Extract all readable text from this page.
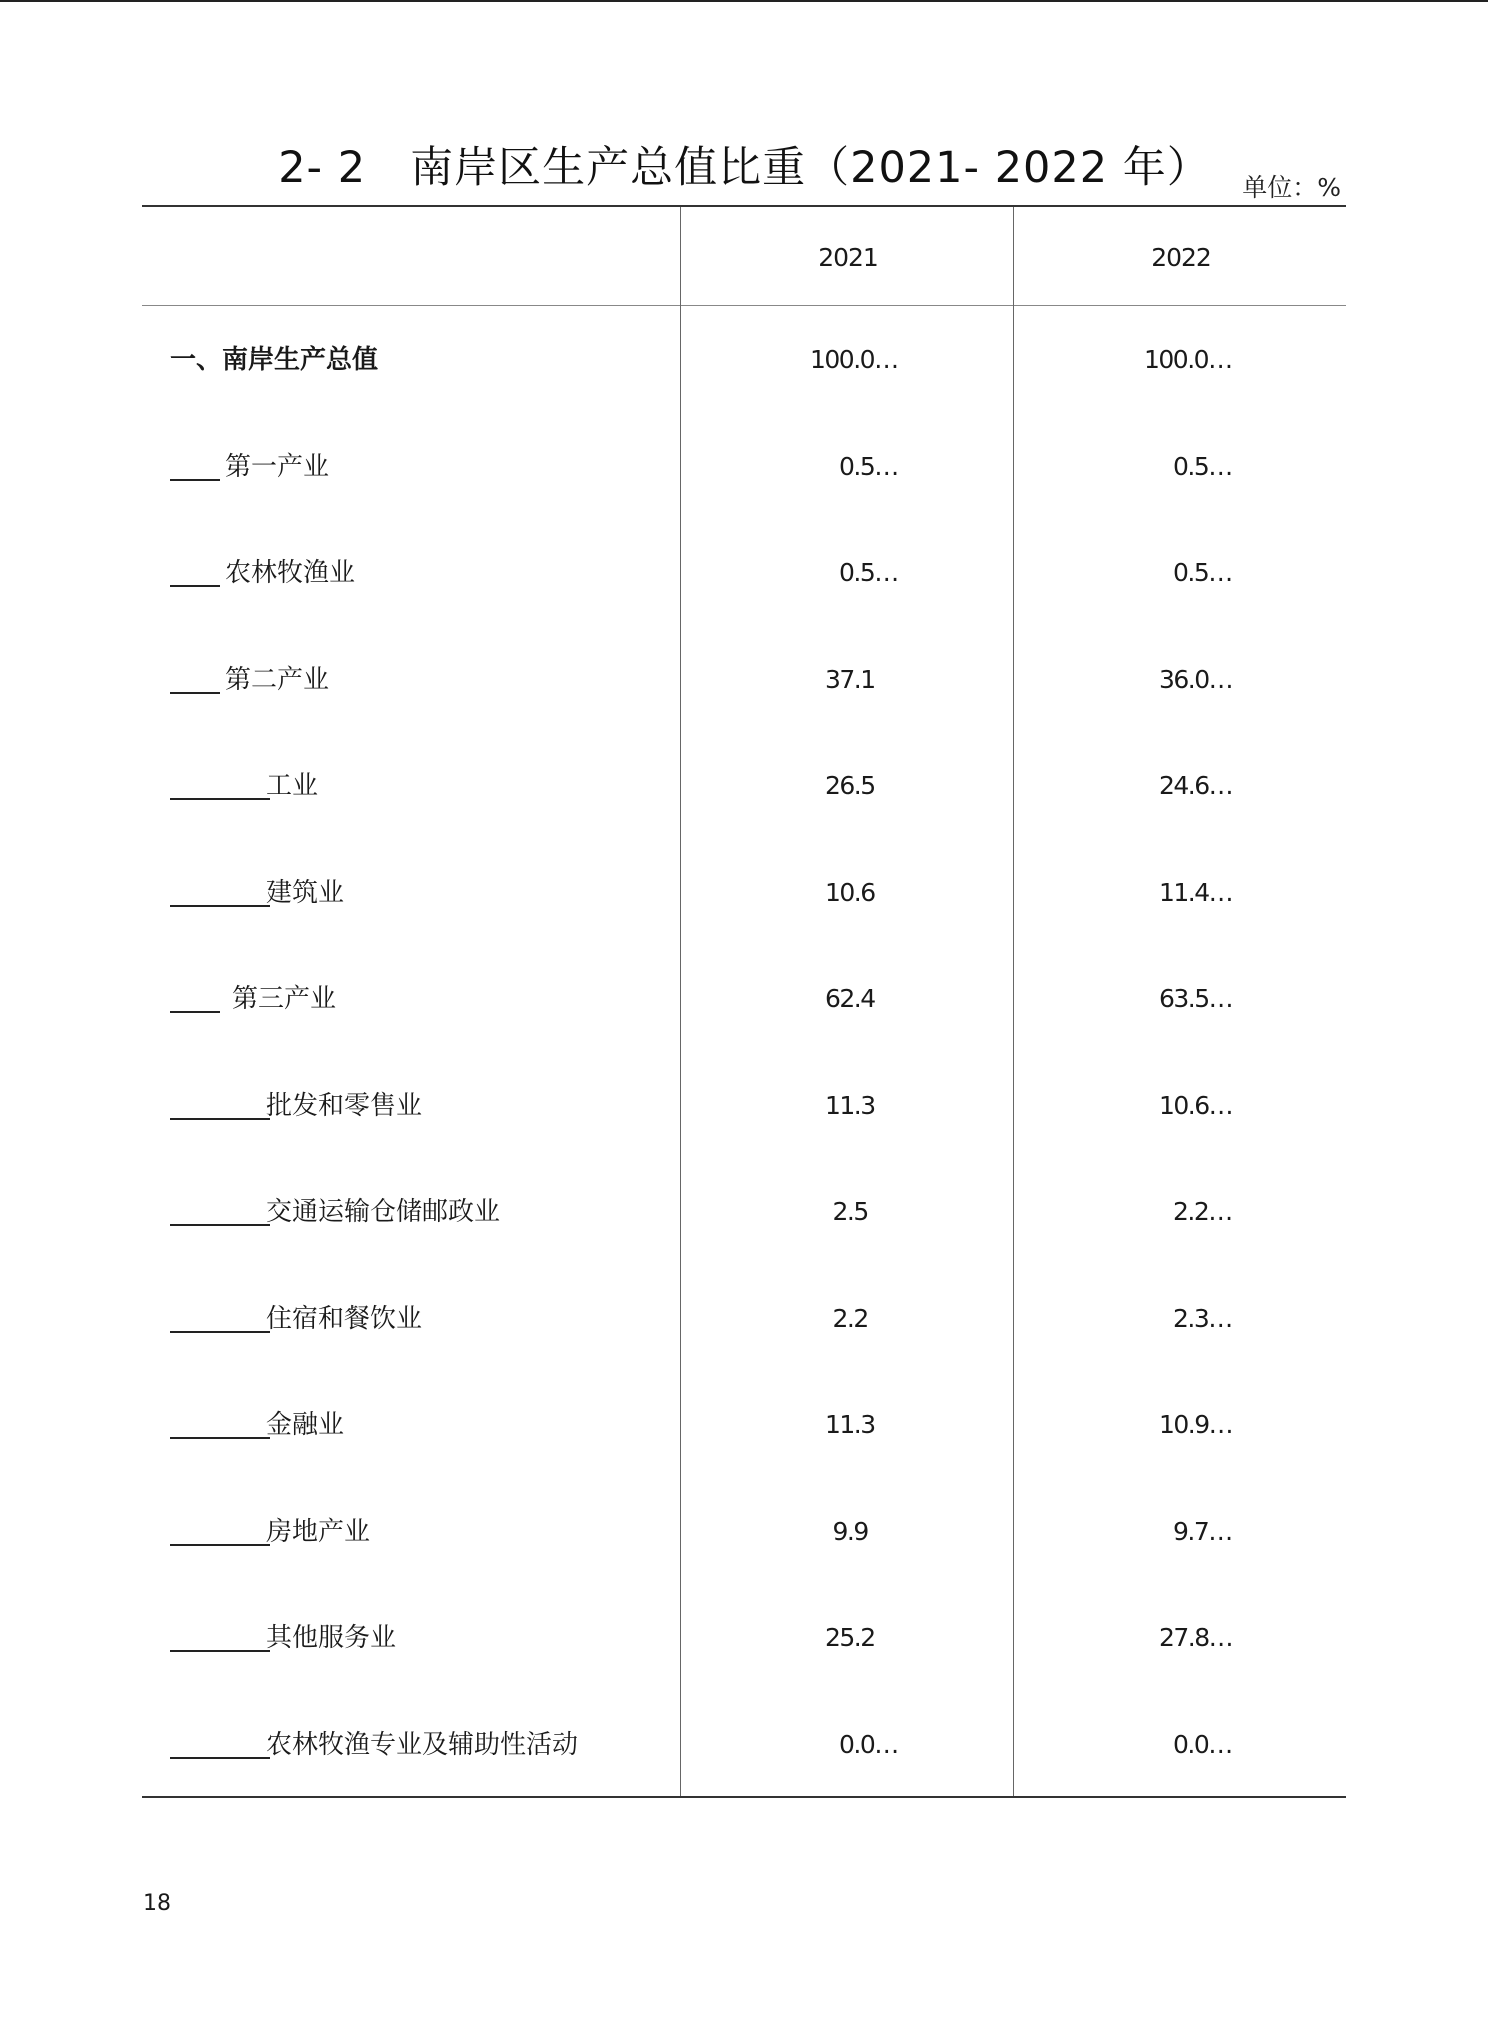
2- 2　南岸区生产总值比重（2021- 2022 年）	单位：%
2021	2022
一、南岸生产总值	100.0…	100.0…
第一产业	0.5…	0.5…
农林牧渔业	0.5…	0.5…
第二产业	37.1	36.0…
工业	26.5	24.6…
建筑业	10.6	11.4…
第三产业	62.4	63.5…
批发和零售业	11.3	10.6…
交通运输仓储邮政业	2.5	2.2…
住宿和餐饮业	2.2	2.3…
金融业	11.3	10.9…
房地产业	9.9	9.7…
其他服务业	25.2	27.8…
农林牧渔专业及辅助性活动	0.0…	0.0…
18
